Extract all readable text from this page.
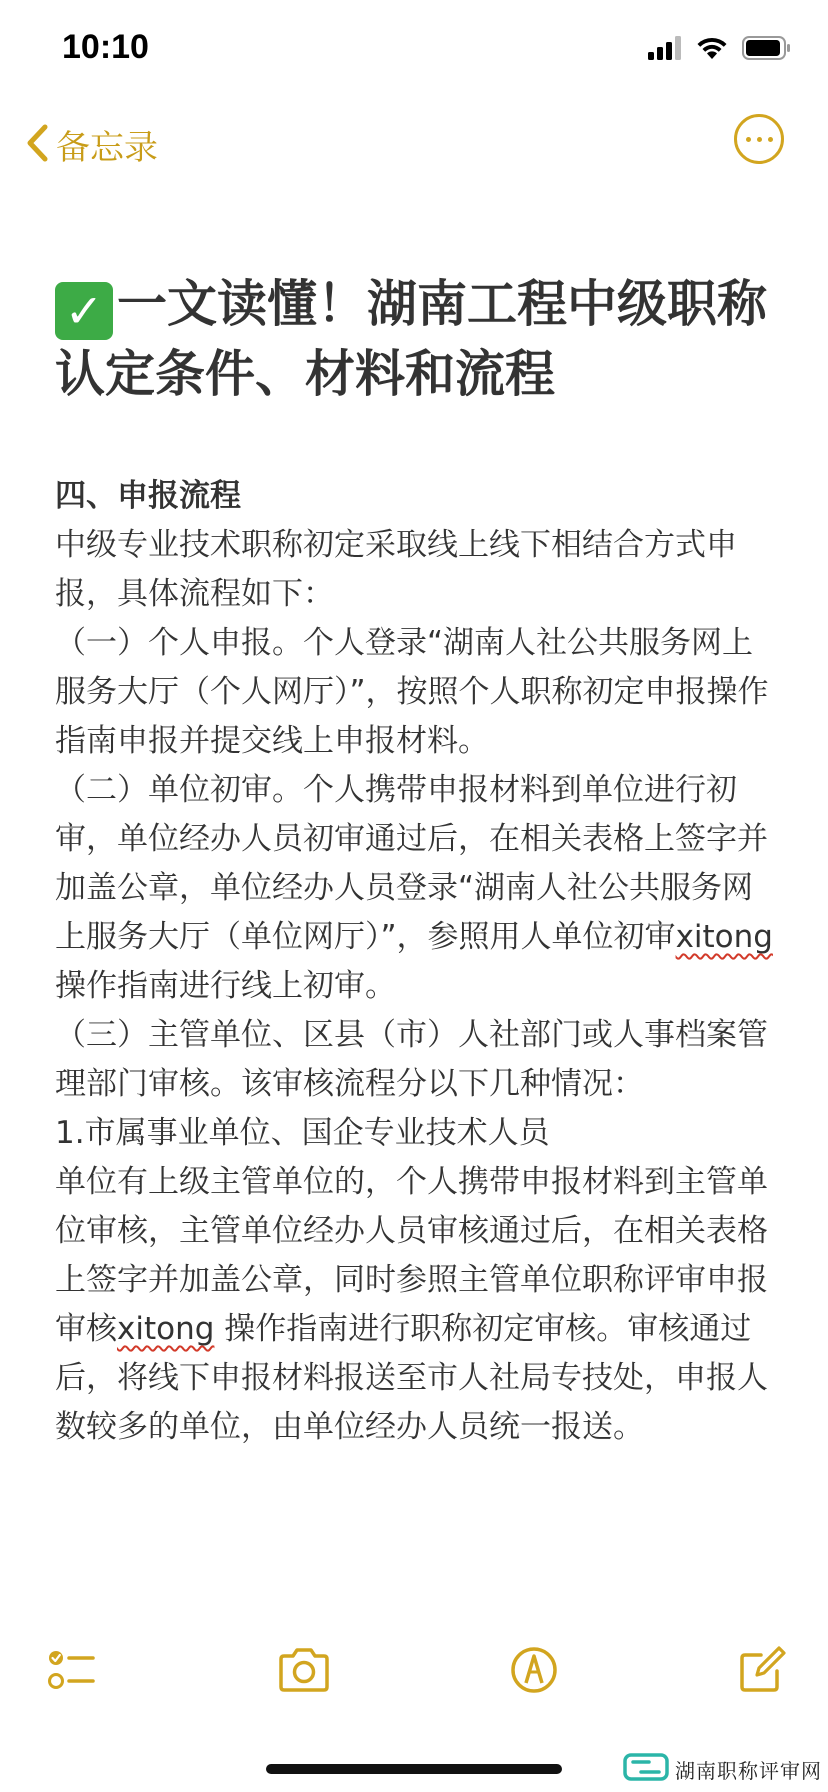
10:10
备忘录
✓ 一文读懂！湖南工程中级职称认定条件、材料和流程

四、申报流程

中级专业技术职称初定采取线上线下相结合方式申报，具体流程如下：

（一）个人申报。个人登录“湖南人社公共服务网上服务大厅（个人网厅）”，按照个人职称初定申报操作指南申报并提交线上申报材料。

（二）单位初审。个人携带申报材料到单位进行初审，单位经办人员初审通过后，在相关表格上签字并加盖公章，单位经办人员登录“湖南人社公共服务网上服务大厅（单位网厅）”，参照用人单位初审xitong 操作指南进行线上初审。

（三）主管单位、区县（市）人社部门或人事档案管理部门审核。该审核流程分以下几种情况：

1.市属事业单位、国企专业技术人员

单位有上级主管单位的，个人携带申报材料到主管单位审核，主管单位经办人员审核通过后，在相关表格上签字并加盖公章，同时参照主管单位职称评审申报审核xitong 操作指南进行职称初定审核。审核通过后，将线下申报材料报送至市人社局专技处，申报人数较多的单位，由单位经办人员统一报送。

湖南职称评审网
